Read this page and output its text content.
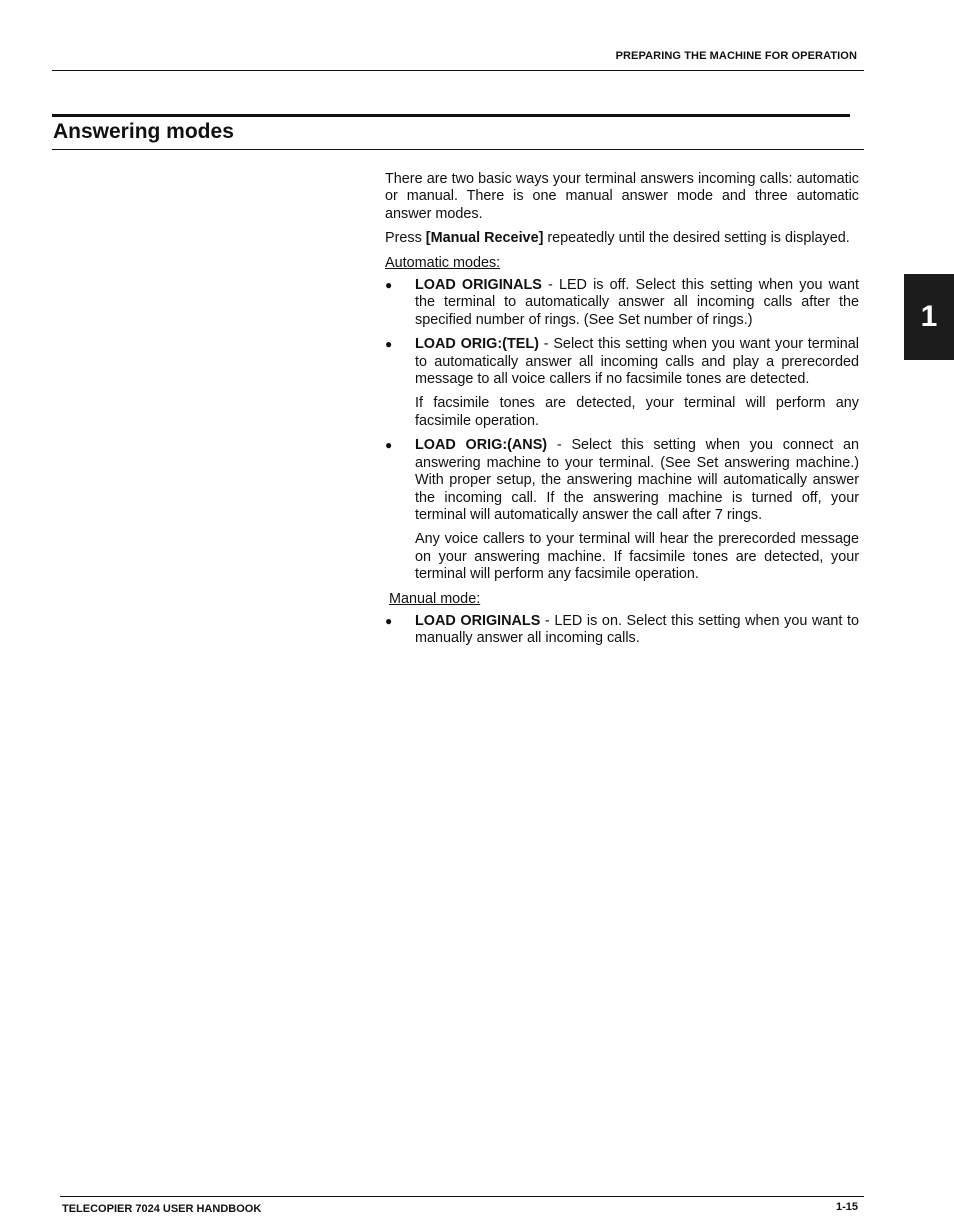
PREPARING THE MACHINE FOR OPERATION
Answering modes
1

There are two basic ways your terminal answers incoming calls: automatic or manual. There is one manual answer mode and three automatic answer modes.

Press [Manual Receive] repeatedly until the desired setting is displayed.

Automatic modes:
●	LOAD ORIGINALS - LED is off. Select this setting when you want the terminal to automatically answer all incoming calls after the specified number of rings. (See Set number of rings.)

●	LOAD ORIG:(TEL) - Select this setting when you want your terminal to automatically answer all incoming calls and play a prerecorded message to all voice callers if no facsimile tones are detected.

If facsimile tones are detected, your terminal will perform any facsimile operation.

●	LOAD ORIG:(ANS) - Select this setting when you connect an answering machine to your terminal. (See Set answering machine.) With proper setup, the answering machine will automatically answer the incoming call. If the answering machine is turned off, your terminal will automatically answer the call after 7 rings.

Any voice callers to your terminal will hear the prerecorded message on your answering machine. If facsimile tones are detected, your terminal will perform any facsimile operation.

Manual mode:
●	LOAD ORIGINALS - LED is on. Select this setting when you want to manually answer all incoming calls.

TELECOPIER 7024 USER HANDBOOK	1-15
